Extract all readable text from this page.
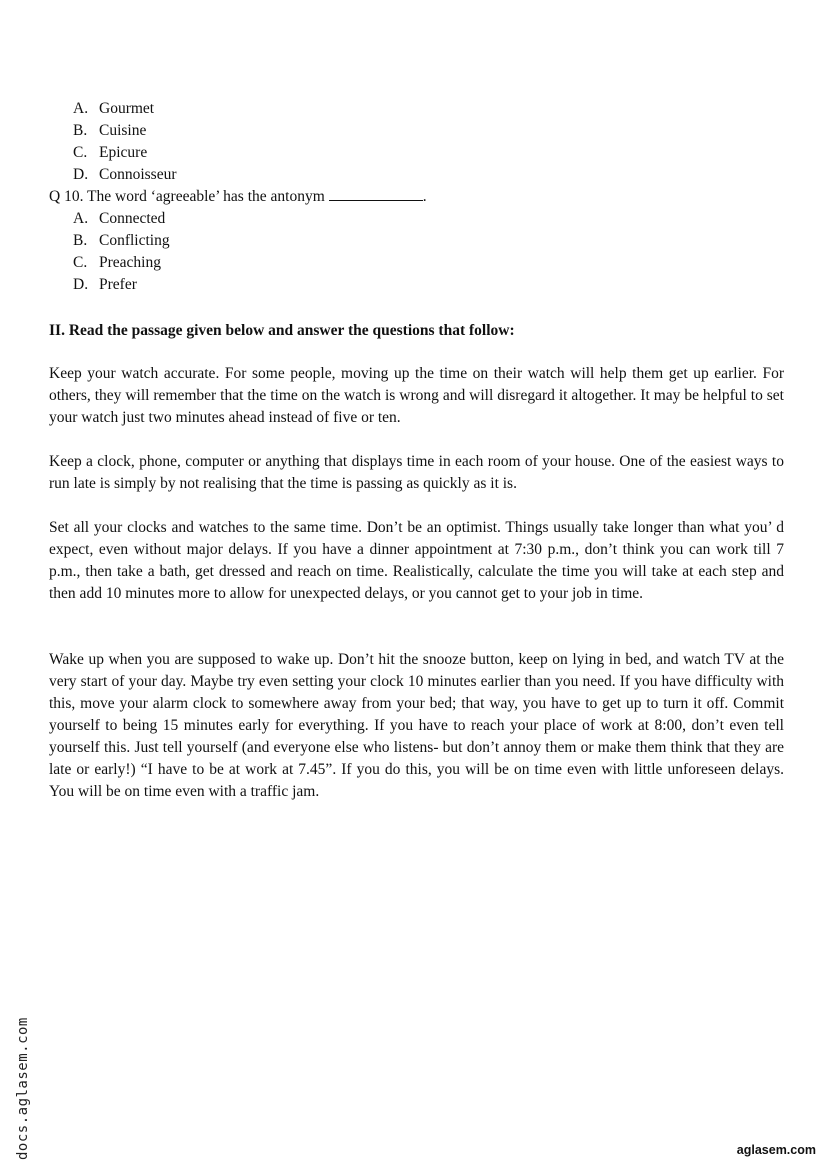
A. Gourmet
B. Cuisine
C. Epicure
D. Connoisseur
Q 10. The word ‘agreeable’ has the antonym	.
A. Connected
B. Conflicting
C. Preaching
D. Prefer
II. Read the passage given below and answer the questions that follow:

Keep your watch accurate. For some people, moving up the time on their watch will help them get up earlier. For others, they will remember that the time on the watch is wrong and will disregard it altogether. It may be helpful to set your watch just two minutes ahead instead of five or ten.

Keep a clock, phone, computer or anything that displays time in each room of your house. One of the easiest ways to run late is simply by not realising that the time is passing as quickly as it is.

Set all your clocks and watches to the same time. Don’t be an optimist. Things usually take longer than what you’ d expect, even without major delays. If you have a dinner appointment at 7:30 p.m., don’t think you can work till 7 p.m., then take a bath, get dressed and reach on time. Realistically, calculate the time you will take at each step and then add 10 minutes more to allow for unexpected delays, or you cannot get to your job in time.

Wake up when you are supposed to wake up. Don’t hit the snooze button, keep on lying in bed, and watch TV at the very start of your day. Maybe try even setting your clock 10 minutes earlier than you need. If you have difficulty with this, move your alarm clock to somewhere away from your bed; that way, you have to get up to turn it off. Commit yourself to being 15 minutes early for everything. If you have to reach your place of work at 8:00, don’t even tell yourself this. Just tell yourself (and everyone else who listens- but don’t annoy them or make them think that they are late or early!) “I have to be at work at 7.45”. If you do this, you will be on time even with little unforeseen delays. You will be on time even with a traffic jam.

docs.aglasem.com	aglasem.com
